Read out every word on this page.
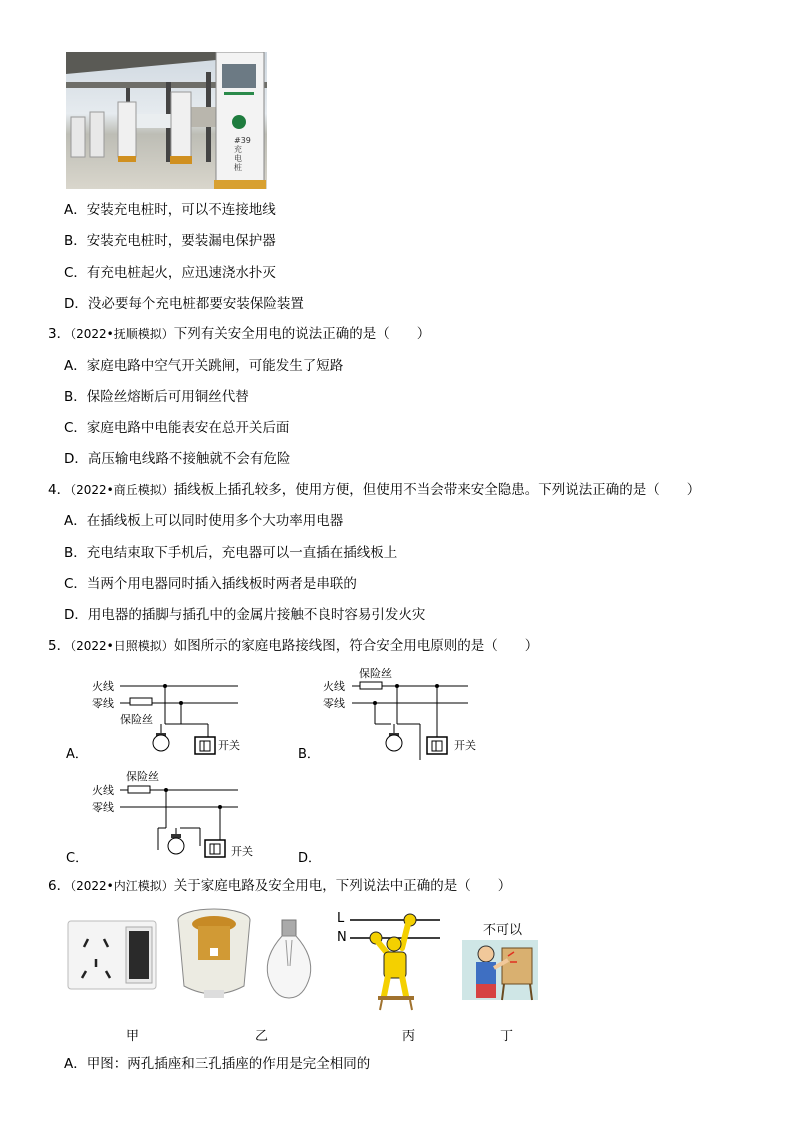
#39 充电桩
A．安装充电桩时，可以不连接地线
B．安装充电桩时，要装漏电保护器
C．有充电桩起火，应迅速浇水扑灭
D．没必要每个充电桩都要安装保险装置
3．（2022•抚顺模拟）下列有关安全用电的说法正确的是（　　）
A．家庭电路中空气开关跳闸，可能发生了短路
B．保险丝熔断后可用铜丝代替
C．家庭电路中电能表安在总开关后面
D．高压输电线路不接触就不会有危险
4．（2022•商丘模拟）插线板上插孔较多，使用方便，但使用不当会带来安全隐患。下列说法正确的是（　　）
A．在插线板上可以同时使用多个大功率用电器
B．充电结束取下手机后，充电器可以一直插在插线板上
C．当两个用电器同时插入插线板时两者是串联的
D．用电器的插脚与插孔中的金属片接触不良时容易引发火灾
5．（2022•日照模拟）如图所示的家庭电路接线图，符合安全用电原则的是（　　）
火线
零线
保险丝
开关
A．
保险丝
火线
零线
开关
B．
保险丝
火线
零线
开关
C．	D．
6．（2022•内江模拟）关于家庭电路及安全用电，下列说法中正确的是（　　）
L
N	不可以
甲	乙	丙	丁
A．甲图：两孔插座和三孔插座的作用是完全相同的
